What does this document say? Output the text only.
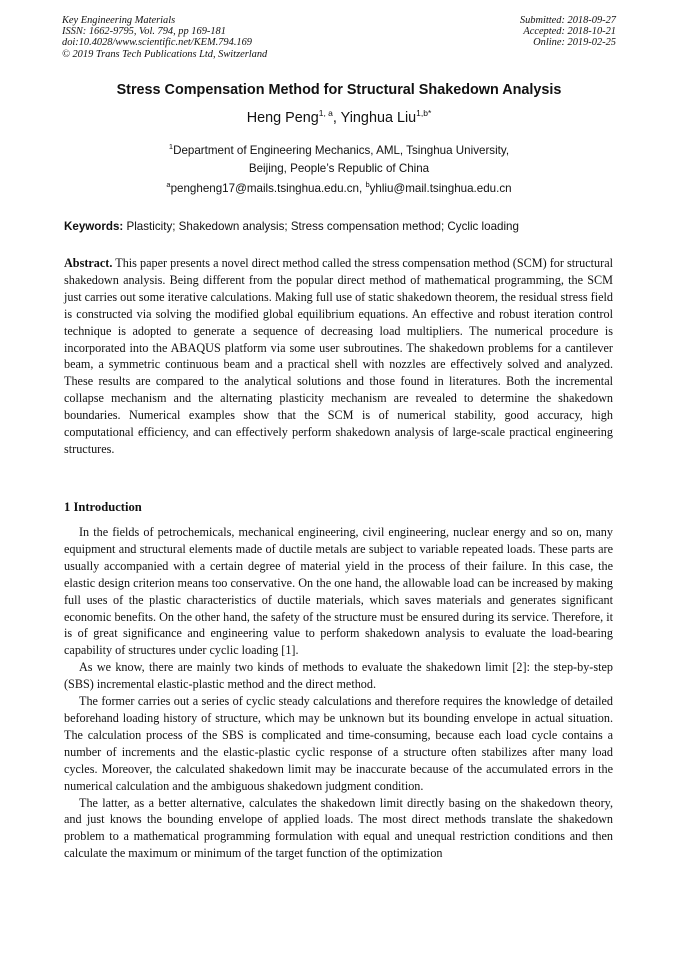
Key Engineering Materials
ISSN: 1662-9795, Vol. 794, pp 169-181
doi:10.4028/www.scientific.net/KEM.794.169
© 2019 Trans Tech Publications Ltd, Switzerland
Submitted: 2018-09-27
Accepted: 2018-10-21
Online: 2019-02-25
Stress Compensation Method for Structural Shakedown Analysis
Heng Peng$^{1, a}$, Yinghua Liu$^{1,b*}$
$^1$Department of Engineering Mechanics, AML, Tsinghua University,
Beijing, People’s Republic of China
$^a$pengheng17@mails.tsinghua.edu.cn, $^b$yhliu@mail.tsinghua.edu.cn
Keywords: Plasticity; Shakedown analysis; Stress compensation method; Cyclic loading
Abstract. This paper presents a novel direct method called the stress compensation method (SCM) for structural shakedown analysis. Being different from the popular direct method of mathematical programming, the SCM just carries out some iterative calculations. Making full use of static shakedown theorem, the residual stress field is constructed via solving the modified global equilibrium equations. An effective and robust iteration control technique is adopted to generate a sequence of decreasing load multipliers. The numerical procedure is incorporated into the ABAQUS platform via some user subroutines. The shakedown problems for a cantilever beam, a symmetric continuous beam and a practical shell with nozzles are effectively solved and analyzed. These results are compared to the analytical solutions and those found in literatures. Both the incremental collapse mechanism and the alternating plasticity mechanism are revealed to determine the shakedown boundaries. Numerical examples show that the SCM is of numerical stability, good accuracy, high computational efficiency, and can effectively perform shakedown analysis of large-scale practical engineering structures.
1 Introduction

In the fields of petrochemicals, mechanical engineering, civil engineering, nuclear energy and so on, many equipment and structural elements made of ductile metals are subject to variable repeated loads. These parts are usually accompanied with a certain degree of material yield in the process of their failure. In this case, the elastic design criterion means too conservative. On the one hand, the allowable load can be increased by making full uses of the plastic characteristics of ductile materials, which saves materials and generates significant economic benefits. On the other hand, the safety of the structure must be ensured during its service. Therefore, it is of great significance and engineering value to perform shakedown analysis to evaluate the load-bearing capability of structures under cyclic loading [1].

As we know, there are mainly two kinds of methods to evaluate the shakedown limit [2]: the step-by-step (SBS) incremental elastic-plastic method and the direct method.

The former carries out a series of cyclic steady calculations and therefore requires the knowledge of detailed beforehand loading history of structure, which may be unknown but its bounding envelope in actual situation. The calculation process of the SBS is complicated and time-consuming, because each load cycle contains a number of increments and the elastic-plastic cyclic response of a structure often stabilizes after many load cycles. Moreover, the calculated shakedown limit may be inaccurate because of the accumulated errors in the numerical calculation and the ambiguous shakedown judgment condition.

The latter, as a better alternative, calculates the shakedown limit directly basing on the shakedown theory, and just knows the bounding envelope of applied loads. The most direct methods translate the shakedown problem to a mathematical programming formulation with equal and unequal restriction conditions and then calculate the maximum or minimum of the target function of the optimization
